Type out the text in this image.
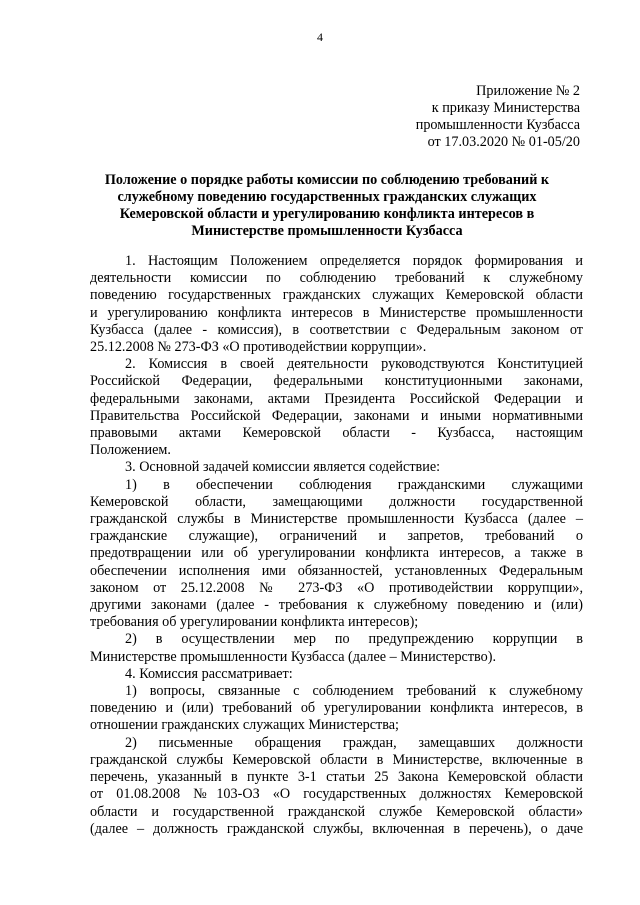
4
Приложение № 2
к приказу Министерства
промышленности Кузбасса
от 17.03.2020 № 01-05/20
Положение о порядке работы комиссии по соблюдению требований к
служебному поведению государственных гражданских служащих
Кемеровской области и урегулированию конфликта интересов в
Министерстве промышленности Кузбасса
1. Настоящим Положением определяется порядок формирования и
деятельности комиссии по соблюдению требований к служебному
поведению государственных гражданских служащих Кемеровской области
и урегулированию конфликта интересов в Министерстве промышленности
Кузбасса (далее - комиссия), в соответствии с Федеральным законом от
25.12.2008 № 273-ФЗ «О противодействии коррупции».
2. Комиссия в своей деятельности руководствуются Конституцией
Российской Федерации, федеральными конституционными законами,
федеральными законами, актами Президента Российской Федерации и
Правительства Российской Федерации, законами и иными нормативными
правовыми актами Кемеровской области - Кузбасса, настоящим
Положением.
3. Основной задачей комиссии является содействие:
1) в обеспечении соблюдения гражданскими служащими
Кемеровской области, замещающими должности государственной
гражданской службы в Министерстве промышленности Кузбасса (далее –
гражданские служащие), ограничений и запретов, требований о
предотвращении или об урегулировании конфликта интересов, а также в
обеспечении исполнения ими обязанностей, установленных Федеральным
законом от 25.12.2008 № 273-ФЗ «О противодействии коррупции»,
другими законами (далее - требования к служебному поведению и (или)
требования об урегулировании конфликта интересов);
2) в осуществлении мер по предупреждению коррупции в
Министерстве промышленности Кузбасса (далее – Министерство).
4. Комиссия рассматривает:
1) вопросы, связанные с соблюдением требований к служебному
поведению и (или) требований об урегулировании конфликта интересов, в
отношении гражданских служащих Министерства;
2) письменные обращения граждан, замещавших должности
гражданской службы Кемеровской области в Министерстве, включенные в
перечень, указанный в пункте 3-1 статьи 25 Закона Кемеровской области
от 01.08.2008 №103-ОЗ «О государственных должностях Кемеровской
области и государственной гражданской службе Кемеровской области»
(далее – должность гражданской службы, включенная в перечень), о даче
